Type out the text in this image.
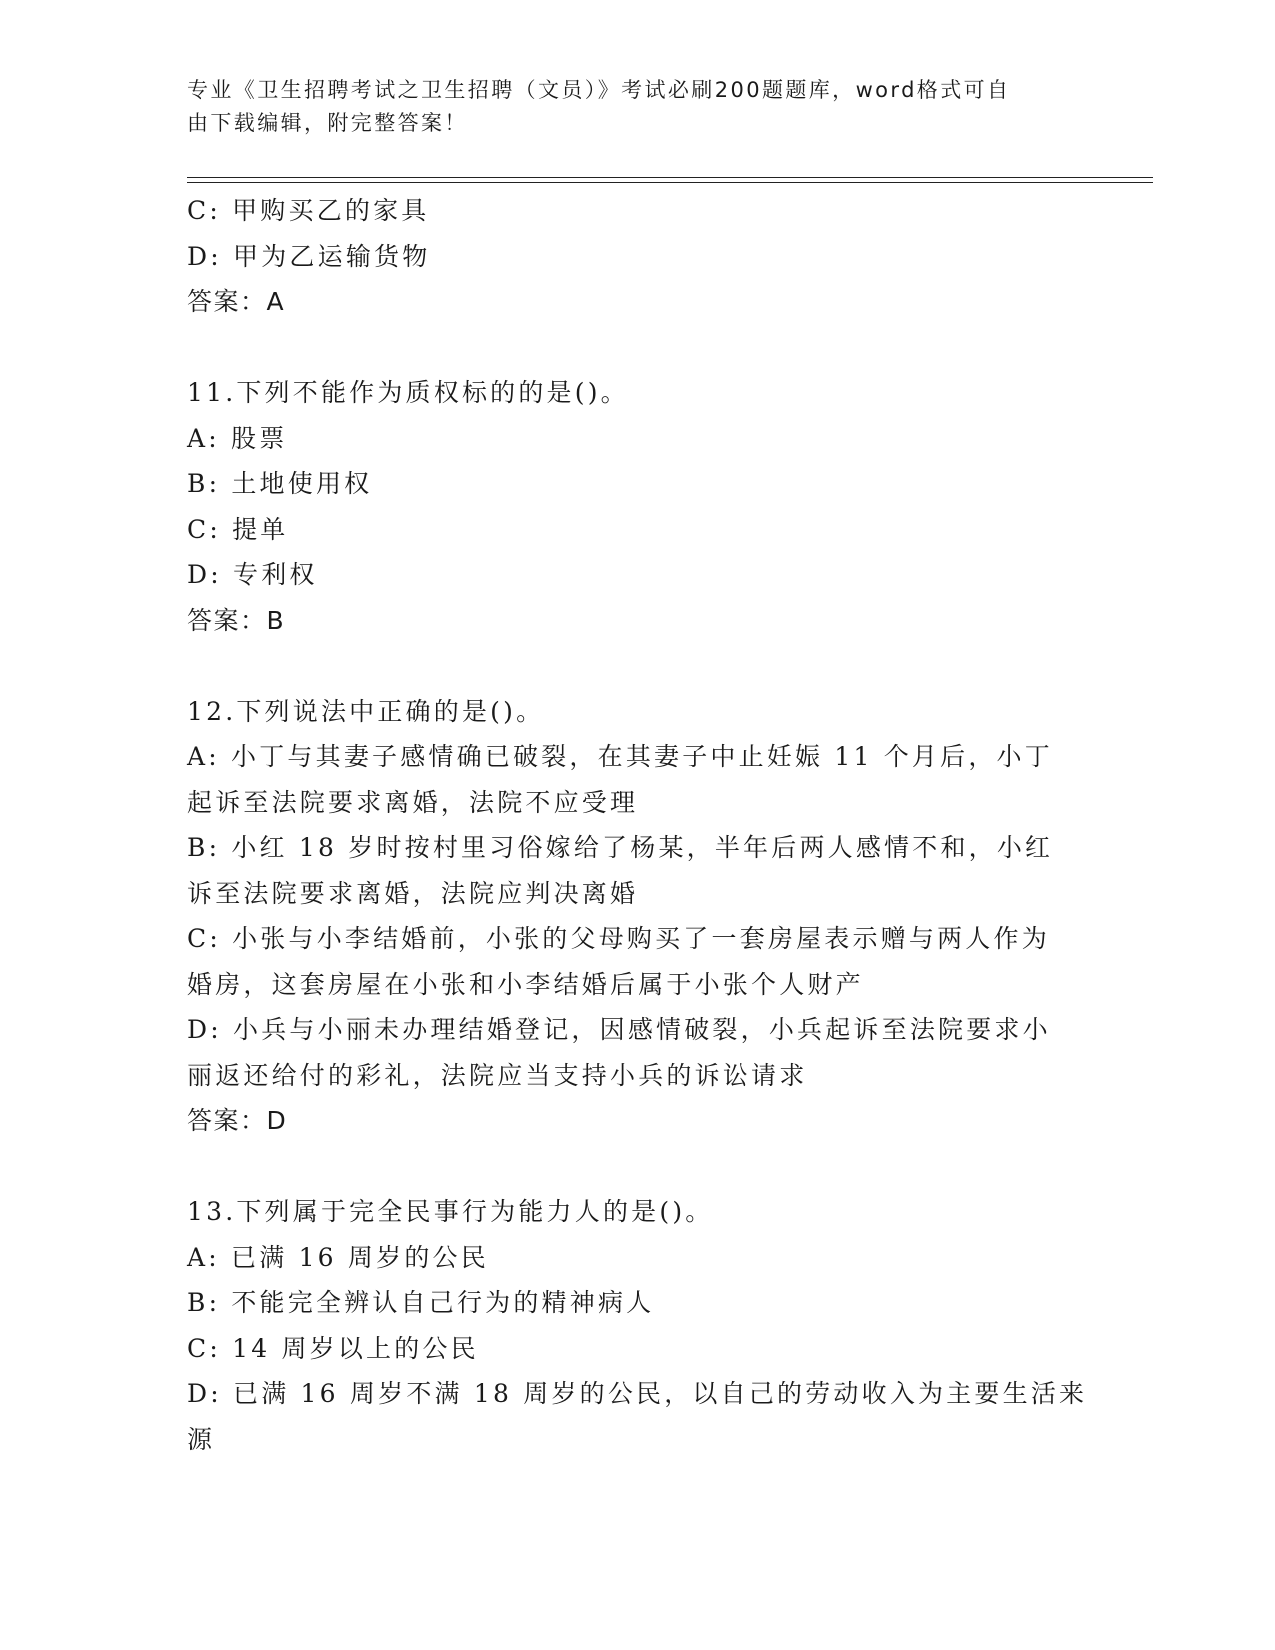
专业《卫生招聘考试之卫生招聘（文员）》考试必刷200题题库，word格式可自
由下载编辑，附完整答案！
C: 甲购买乙的家具
D: 甲为乙运输货物
答案：A
11.下列不能作为质权标的的是()。
A: 股票
B: 土地使用权
C: 提单
D: 专利权
答案：B
12.下列说法中正确的是()。
A: 小丁与其妻子感情确已破裂，在其妻子中止妊娠 11 个月后，小丁
起诉至法院要求离婚，法院不应受理
B: 小红 18 岁时按村里习俗嫁给了杨某，半年后两人感情不和，小红
诉至法院要求离婚，法院应判决离婚
C: 小张与小李结婚前，小张的父母购买了一套房屋表示赠与两人作为
婚房，这套房屋在小张和小李结婚后属于小张个人财产
D: 小兵与小丽未办理结婚登记，因感情破裂，小兵起诉至法院要求小
丽返还给付的彩礼，法院应当支持小兵的诉讼请求
答案：D
13.下列属于完全民事行为能力人的是()。
A: 已满 16 周岁的公民
B: 不能完全辨认自己行为的精神病人
C: 14 周岁以上的公民
D: 已满 16 周岁不满 18 周岁的公民，以自己的劳动收入为主要生活来
源
